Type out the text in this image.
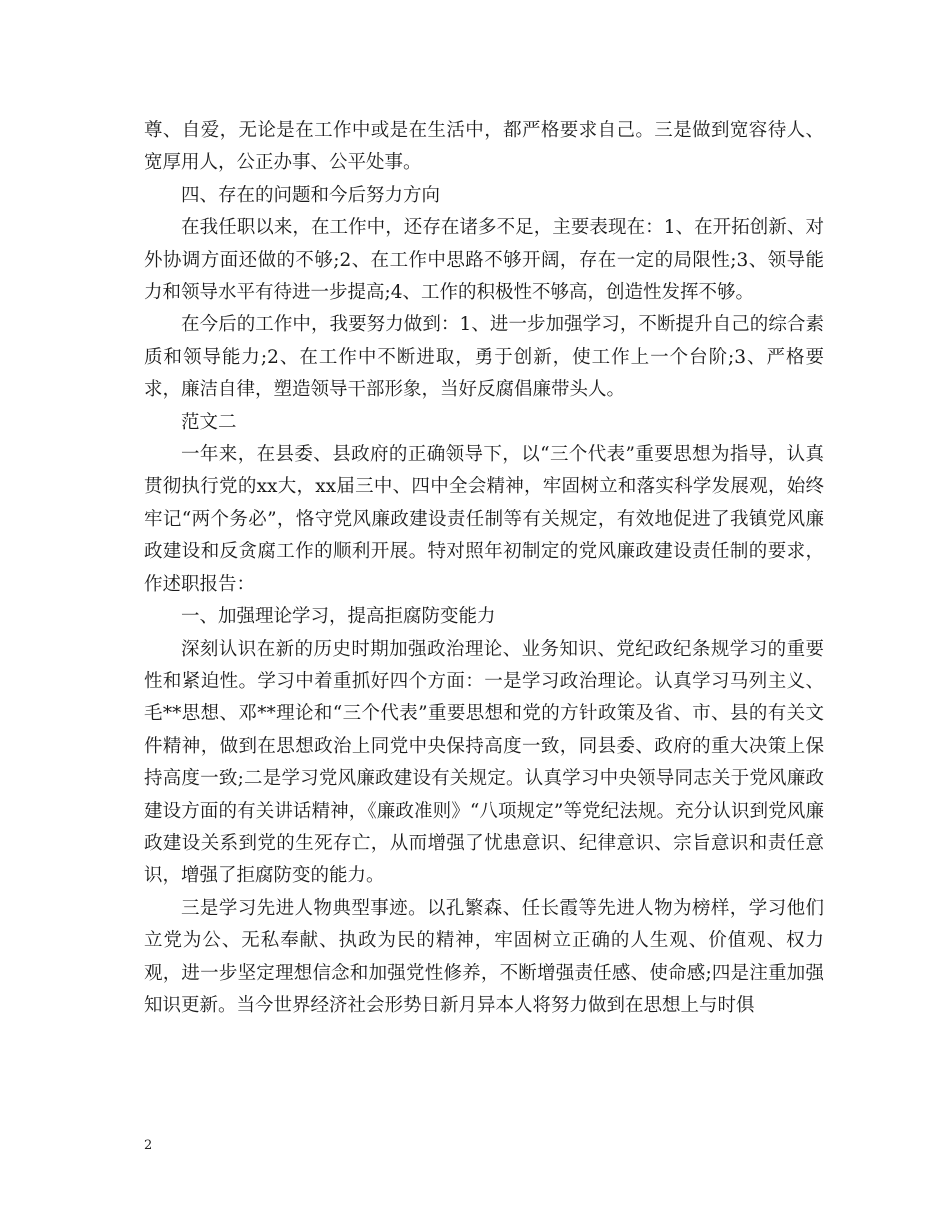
尊、自爱，无论是在工作中或是在生活中，都严格要求自己。三是做到宽容待人、宽厚用人，公正办事、公平处事。

四、存在的问题和今后努力方向

在我任职以来，在工作中，还存在诸多不足，主要表现在：1、在开拓创新、对外协调方面还做的不够;2、在工作中思路不够开阔，存在一定的局限性;3、领导能力和领导水平有待进一步提高;4、工作的积极性不够高，创造性发挥不够。

在今后的工作中，我要努力做到：1、进一步加强学习，不断提升自己的综合素质和领导能力;2、在工作中不断进取，勇于创新，使工作上一个台阶;3、严格要求，廉洁自律，塑造领导干部形象，当好反腐倡廉带头人。

范文二

一年来，在县委、县政府的正确领导下，以“三个代表”重要思想为指导，认真贯彻执行党的xx大，xx届三中、四中全会精神，牢固树立和落实科学发展观，始终牢记“两个务必”，恪守党风廉政建设责任制等有关规定，有效地促进了我镇党风廉政建设和反贪腐工作的顺利开展。特对照年初制定的党风廉政建设责任制的要求，作述职报告：

一、加强理论学习，提高拒腐防变能力

深刻认识在新的历史时期加强政治理论、业务知识、党纪政纪条规学习的重要性和紧迫性。学习中着重抓好四个方面：一是学习政治理论。认真学习马列主义、毛**思想、邓**理论和“三个代表”重要思想和党的方针政策及省、市、县的有关文件精神，做到在思想政治上同党中央保持高度一致，同县委、政府的重大决策上保持高度一致;二是学习党风廉政建设有关规定。认真学习中央领导同志关于党风廉政建设方面的有关讲话精神，《廉政准则》“八项规定”等党纪法规。充分认识到党风廉政建设关系到党的生死存亡，从而增强了忧患意识、纪律意识、宗旨意识和责任意识，增强了拒腐防变的能力。

三是学习先进人物典型事迹。以孔繁森、任长霞等先进人物为榜样，学习他们立党为公、无私奉献、执政为民的精神，牢固树立正确的人生观、价值观、权力观，进一步坚定理想信念和加强党性修养，不断增强责任感、使命感;四是注重加强知识更新。当今世界经济社会形势日新月异本人将努力做到在思想上与时俱

2
